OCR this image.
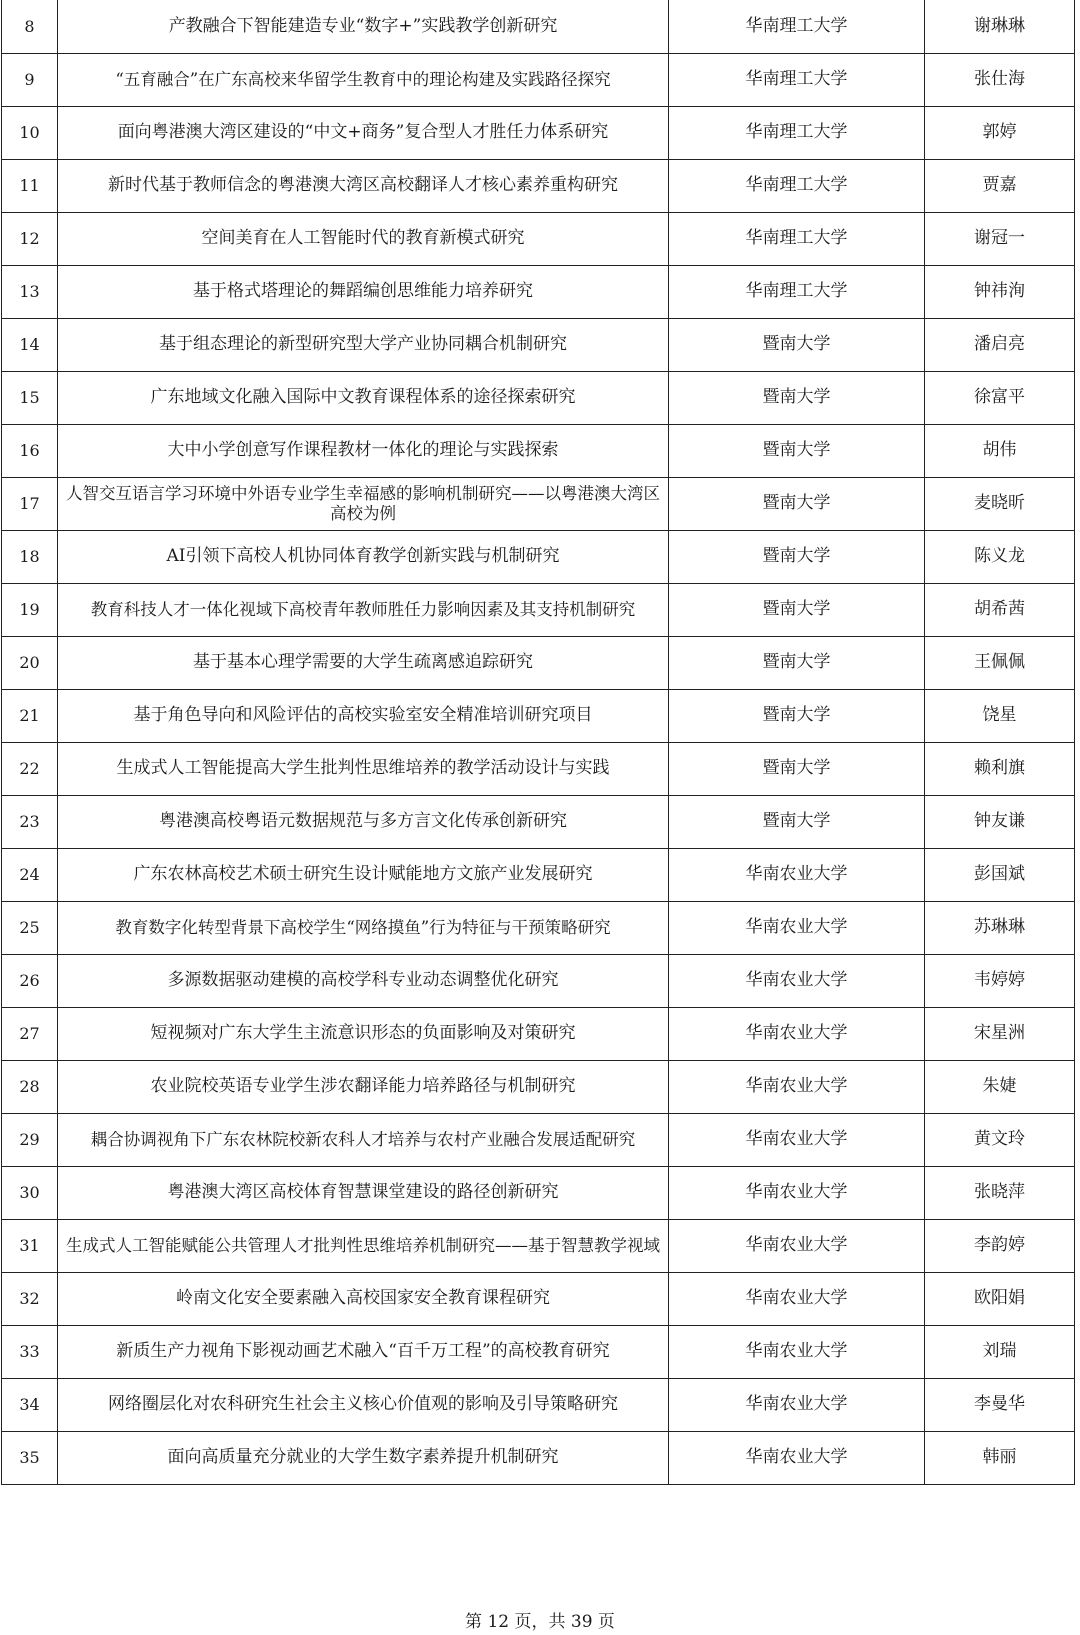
8	产教融合下智能建造专业“数字+”实践教学创新研究	华南理工大学	谢琳琳
9	“五育融合”在广东高校来华留学生教育中的理论构建及实践路径探究	华南理工大学	张仕海
10	面向粤港澳大湾区建设的“中文+商务”复合型人才胜任力体系研究	华南理工大学	郭婷
11	新时代基于教师信念的粤港澳大湾区高校翻译人才核心素养重构研究	华南理工大学	贾嘉
12	空间美育在人工智能时代的教育新模式研究	华南理工大学	谢冠一
13	基于格式塔理论的舞蹈编创思维能力培养研究	华南理工大学	钟祎洵
14	基于组态理论的新型研究型大学产业协同耦合机制研究	暨南大学	潘启亮
15	广东地域文化融入国际中文教育课程体系的途径探索研究	暨南大学	徐富平
16	大中小学创意写作课程教材一体化的理论与实践探索	暨南大学	胡伟
17	人智交互语言学习环境中外语专业学生幸福感的影响机制研究——以粤港澳大湾区高校为例	暨南大学	麦晓昕
18	AI引领下高校人机协同体育教学创新实践与机制研究	暨南大学	陈义龙
19	教育科技人才一体化视域下高校青年教师胜任力影响因素及其支持机制研究	暨南大学	胡希茜
20	基于基本心理学需要的大学生疏离感追踪研究	暨南大学	王佩佩
21	基于角色导向和风险评估的高校实验室安全精准培训研究项目	暨南大学	饶星
22	生成式人工智能提高大学生批判性思维培养的教学活动设计与实践	暨南大学	赖利旗
23	粤港澳高校粤语元数据规范与多方言文化传承创新研究	暨南大学	钟友谦
24	广东农林高校艺术硕士研究生设计赋能地方文旅产业发展研究	华南农业大学	彭国斌
25	教育数字化转型背景下高校学生“网络摸鱼”行为特征与干预策略研究	华南农业大学	苏琳琳
26	多源数据驱动建模的高校学科专业动态调整优化研究	华南农业大学	韦婷婷
27	短视频对广东大学生主流意识形态的负面影响及对策研究	华南农业大学	宋星洲
28	农业院校英语专业学生涉农翻译能力培养路径与机制研究	华南农业大学	朱婕
29	耦合协调视角下广东农林院校新农科人才培养与农村产业融合发展适配研究	华南农业大学	黄文玲
30	粤港澳大湾区高校体育智慧课堂建设的路径创新研究	华南农业大学	张晓萍
31	生成式人工智能赋能公共管理人才批判性思维培养机制研究——基于智慧教学视域	华南农业大学	李韵婷
32	岭南文化安全要素融入高校国家安全教育课程研究	华南农业大学	欧阳娟
33	新质生产力视角下影视动画艺术融入“百千万工程”的高校教育研究	华南农业大学	刘瑞
34	网络圈层化对农科研究生社会主义核心价值观的影响及引导策略研究	华南农业大学	李曼华
35	面向高质量充分就业的大学生数字素养提升机制研究	华南农业大学	韩丽
第 12 页，共 39 页
